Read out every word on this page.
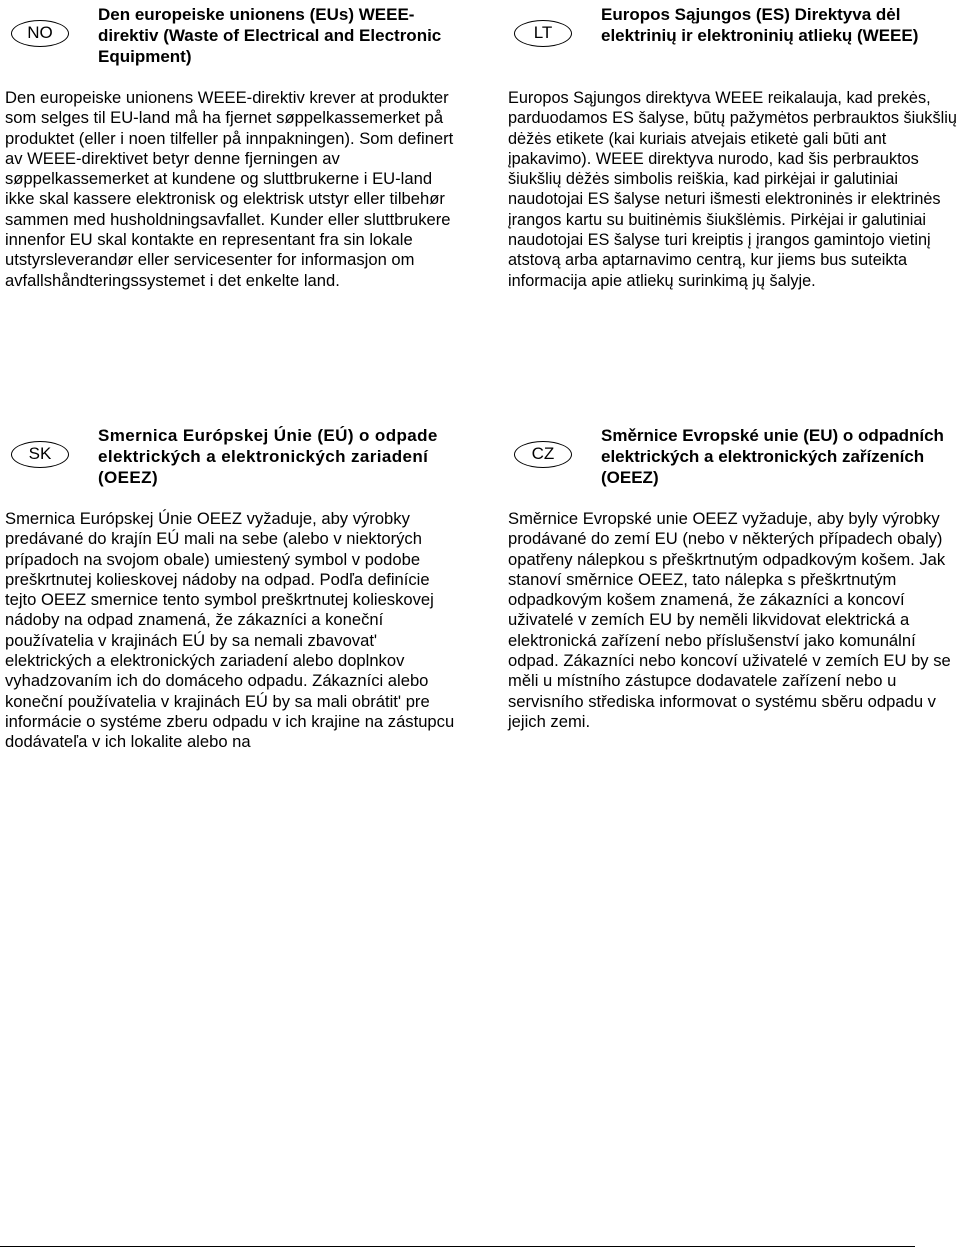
NO
Den europeiske unionens (EUs) WEEE-direktiv (Waste of Electrical and Electronic Equipment)

Den europeiske unionens WEEE-direktiv krever at produkter som selges til EU-land må ha fjernet søppelkassemerket på produktet (eller i noen tilfeller på innpakningen). Som definert av WEEE-direktivet betyr denne fjerningen av søppelkassemerket at kundene og sluttbrukerne i EU-land ikke skal kassere elektronisk og elektrisk utstyr eller tilbehør sammen med husholdningsavfallet. Kunder eller sluttbrukere innenfor EU skal kontakte en representant fra sin lokale utstyrsleverandør eller servicesenter for informasjon om avfallshåndteringssystemet i det enkelte land.

LT
Europos Sąjungos (ES) Direktyva dėl elektrinių ir elektroninių atliekų (WEEE)

Europos Sąjungos direktyva WEEE reikalauja, kad prekės, parduodamos ES šalyse, būtų pažymėtos perbrauktos šiukšlių dėžės etikete (kai kuriais atvejais etiketė gali būti ant įpakavimo). WEEE direktyva nurodo, kad šis perbrauktos šiukšlių dėžės simbolis reiškia, kad pirkėjai ir galutiniai naudotojai ES šalyse neturi išmesti elektroninės ir elektrinės įrangos kartu su buitinėmis šiukšlėmis. Pirkėjai ir galutiniai naudotojai ES šalyse turi kreiptis į įrangos gamintojo vietinį atstovą arba aptarnavimo centrą, kur jiems bus suteikta informacija apie atliekų surinkimą jų šalyje.

SK
Smernica Európskej Únie (EÚ) o odpade elektrických a elektronických zariadení (OEEZ)

Smernica Európskej Únie OEEZ vyžaduje, aby výrobky predávané do krajín EÚ mali na sebe (alebo v niektorých prípadoch na svojom obale) umiestený symbol v podobe preškrtnutej kolieskovej nádoby na odpad. Podľa definície tejto OEEZ smernice tento symbol preškrtnutej kolieskovej nádoby na odpad znamená, že zákazníci a koneční používatelia v krajinách EÚ by sa nemali zbavovat' elektrických a elektronických zariadení alebo doplnkov vyhadzovaním ich do domáceho odpadu. Zákazníci alebo koneční používatelia v krajinách EÚ by sa mali obrátit' pre informácie o systéme zberu odpadu v ich krajine na zástupcu dodávateľa v ich lokalite alebo na

CZ
Směrnice Evropské unie (EU) o odpadních elektrických a elektronických zařízeních (OEEZ)

Směrnice Evropské unie OEEZ vyžaduje, aby byly výrobky prodávané do zemí EU (nebo v některých případech obaly) opatřeny nálepkou s přeškrtnutým odpadkovým košem. Jak stanoví směrnice OEEZ, tato nálepka s přeškrtnutým odpadkovým košem znamená, že zákazníci a koncoví uživatelé v zemích EU by neměli likvidovat elektrická a elektronická zařízení nebo příslušenství jako komunální odpad. Zákazníci nebo koncoví uživatelé v zemích EU by se měli u místního zástupce dodavatele zařízení nebo u servisního střediska informovat o systému sběru odpadu v jejich zemi.
